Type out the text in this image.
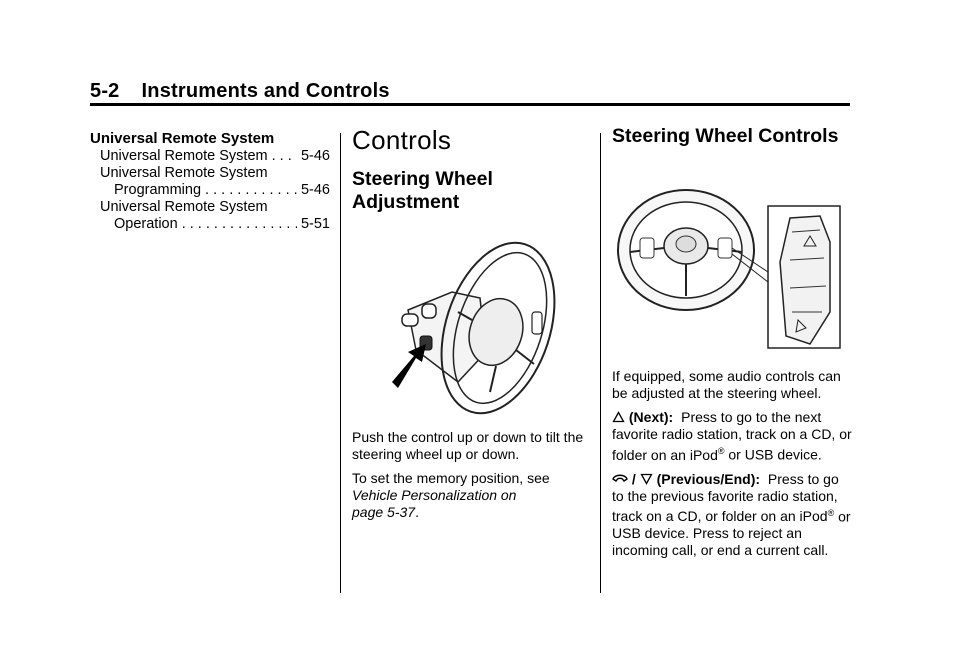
5-2 Instruments and Controls
Universal Remote System
Universal Remote System . . . 5-46
Universal Remote System
Programming . . .	5-46
Universal Remote System
Operation . . .	5-51
Controls
Steering Wheel
Adjustment

Push the control up or down to tilt the steering wheel up or down.

To set the memory position, see
Vehicle Personalization on
page 5-37.

Steering Wheel Controls

If equipped, some audio controls can be adjusted at the steering wheel.

(Next): Press to go to the next favorite radio station, track on a CD, or folder on an iPod® or USB device.

/  (Previous/End): Press to go to the previous favorite radio station, track on a CD, or folder on an iPod® or USB device. Press to reject an incoming call, or end a current call.
